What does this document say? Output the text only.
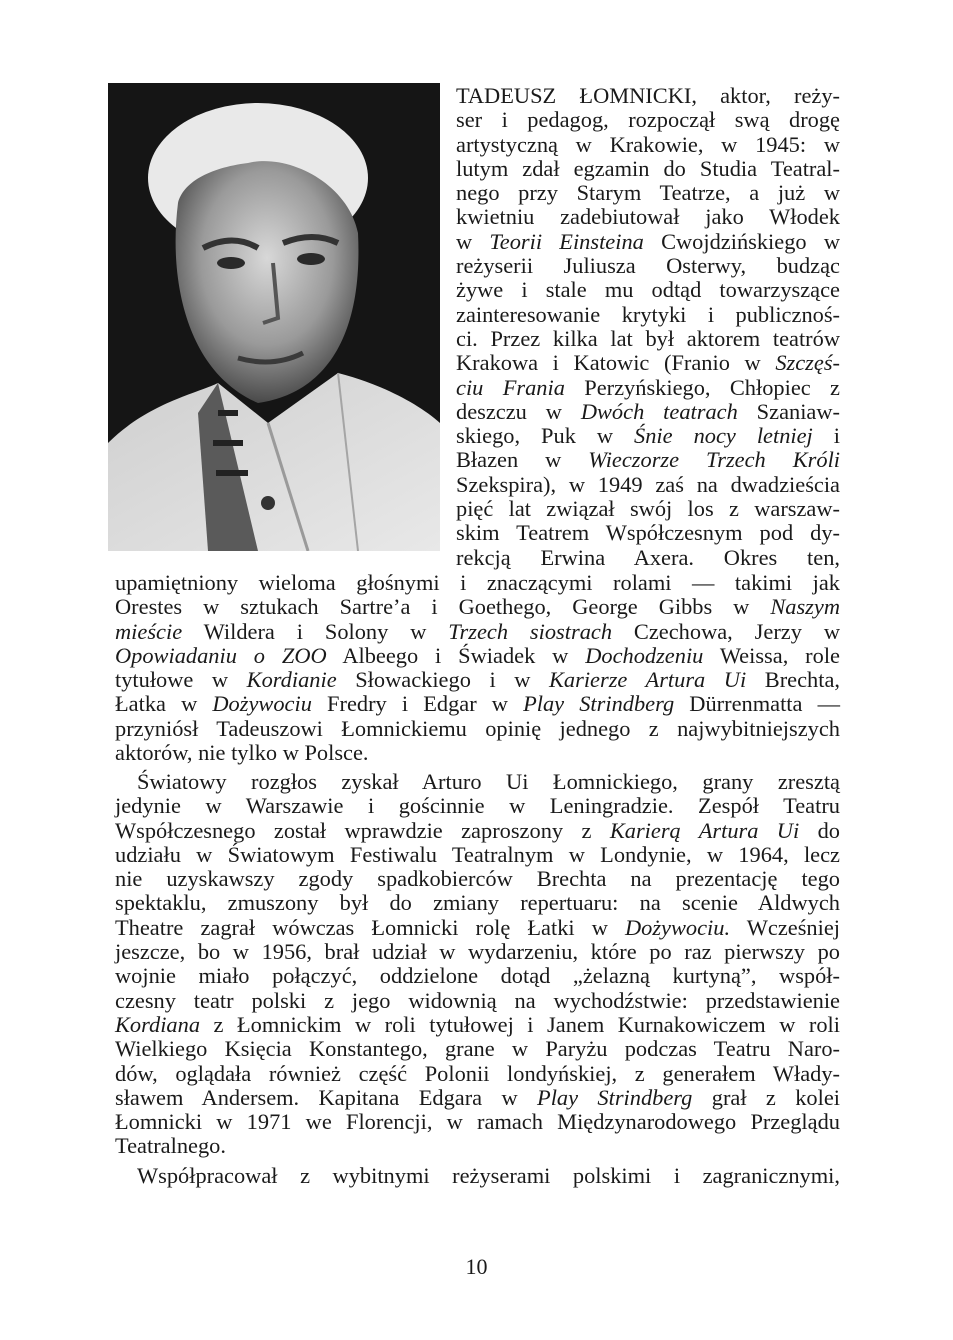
TADEUSZ ŁOMNICKI, aktor, reży-
ser i pedagog, rozpoczął swą drogę
artystyczną w Krakowie, w 1945: w
lutym zdał egzamin do Studia Teatral-
nego przy Starym Teatrze, a już w
kwietniu zadebiutował jako Włodek
w Teorii Einsteina Cwojdzińskiego w
reżyserii Juliusza Osterwy, budząc
żywe i stale mu odtąd towarzyszące
zainteresowanie krytyki i publicznoś-
ci. Przez kilka lat był aktorem teatrów
Krakowa i Katowic (Franio w Szczęś-
ciu Frania Perzyńskiego, Chłopiec z
deszczu w Dwóch teatrach Szaniaw-
skiego, Puk w Śnie nocy letniej i
Błazen w Wieczorze Trzech Króli
Szekspira), w 1949 zaś na dwadzieścia
pięć lat związał swój los z warszaw-
skim Teatrem Współczesnym pod dy-
rekcją Erwina Axera. Okres ten,
upamiętniony wieloma głośnymi i znaczącymi rolami — takimi jak
Orestes w sztukach Sartre’a i Goethego, George Gibbs w Naszym
mieście Wildera i Solony w Trzech siostrach Czechowa, Jerzy w
Opowiadaniu o ZOO Albeego i Świadek w Dochodzeniu Weissa, role
tytułowe w Kordianie Słowackiego i w Karierze Artura Ui Brechta,
Łatka w Dożywociu Fredry i Edgar w Play Strindberg Dürrenmatta —
przyniósł Tadeuszowi Łomnickiemu opinię jednego z najwybitniejszych
aktorów, nie tylko w Polsce.
Światowy rozgłos zyskał Arturo Ui Łomnickiego, grany zresztą
jedynie w Warszawie i gościnnie w Leningradzie. Zespół Teatru
Współczesnego został wprawdzie zaproszony z Karierą Artura Ui do
udziału w Światowym Festiwalu Teatralnym w Londynie, w 1964, lecz
nie uzyskawszy zgody spadkobierców Brechta na prezentację tego
spektaklu, zmuszony był do zmiany repertuaru: na scenie Aldwych
Theatre zagrał wówczas Łomnicki rolę Łatki w Dożywociu. Wcześniej
jeszcze, bo w 1956, brał udział w wydarzeniu, które po raz pierwszy po
wojnie miało połączyć, oddzielone dotąd „żelazną kurtyną”, współ-
czesny teatr polski z jego widownią na wychodźstwie: przedstawienie
Kordiana z Łomnickim w roli tytułowej i Janem Kurnakowiczem w roli
Wielkiego Księcia Konstantego, grane w Paryżu podczas Teatru Naro-
dów, oglądała również część Polonii londyńskiej, z generałem Włady-
sławem Andersem. Kapitana Edgara w Play Strindberg grał z kolei
Łomnicki w 1971 we Florencji, w ramach Międzynarodowego Przeglądu
Teatralnego.
Współpracował z wybitnymi reżyserami polskimi i zagranicznymi,
10
